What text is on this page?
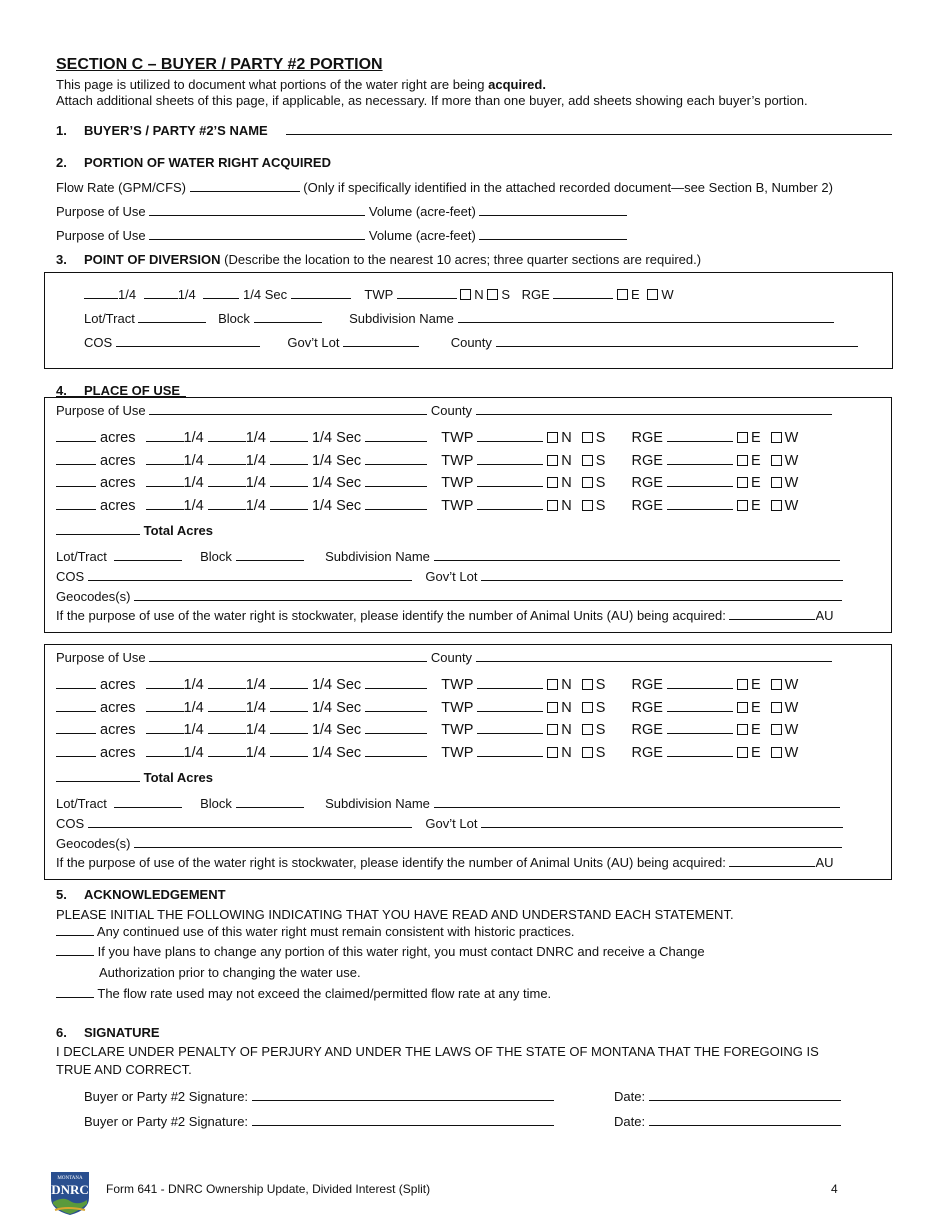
SECTION C – BUYER / PARTY #2 PORTION
This page is utilized to document what portions of the water right are being acquired.
Attach additional sheets of this page, if applicable, as necessary. If more than one buyer, add sheets showing each buyer’s portion.
1. BUYER’S / PARTY #2’S NAME
2. PORTION OF WATER RIGHT ACQUIRED
Flow Rate (GPM/CFS)	(Only if specifically identified in the attached recorded document—see Section B, Number 2)
Purpose of Use	Volume (acre-feet)
Purpose of Use	Volume (acre-feet)
3. POINT OF DIVERSION (Describe the location to the nearest 10 acres; three quarter sections are required.)
1/4	1/4	1/4 Sec	TWP	N S RGE	E W
Lot/Tract	Block	Subdivision Name
COS	Gov’t Lot	County
4. PLACE OF USE
Purpose of Use	County
acres	1/4	1/4	1/4 Sec	TWP	N S RGE	E W
acres	1/4	1/4	1/4 Sec	TWP	N S RGE	E W
acres	1/4	1/4	1/4 Sec	TWP	N S RGE	E W
acres	1/4	1/4	1/4 Sec	TWP	N S RGE	E W
Total Acres
Lot/Tract	Block	Subdivision Name
COS	Gov’t Lot
Geocodes(s)
If the purpose of use of the water right is stockwater, please identify the number of Animal Units (AU) being acquired:	AU
Purpose of Use	County
acres	1/4	1/4	1/4 Sec	TWP	N S RGE	E W
acres	1/4	1/4	1/4 Sec	TWP	N S RGE	E W
acres	1/4	1/4	1/4 Sec	TWP	N S RGE	E W
acres	1/4	1/4	1/4 Sec	TWP	N S RGE	E W
Total Acres
Lot/Tract	Block	Subdivision Name
COS	Gov’t Lot
Geocodes(s)
If the purpose of use of the water right is stockwater, please identify the number of Animal Units (AU) being acquired:	AU
5. ACKNOWLEDGEMENT
PLEASE INITIAL THE FOLLOWING INDICATING THAT YOU HAVE READ AND UNDERSTAND EACH STATEMENT.
Any continued use of this water right must remain consistent with historic practices.
If you have plans to change any portion of this water right, you must contact DNRC and receive a Change
Authorization prior to changing the water use.
The flow rate used may not exceed the claimed/permitted flow rate at any time.
6. SIGNATURE
I DECLARE UNDER PENALTY OF PERJURY AND UNDER THE LAWS OF THE STATE OF MONTANA THAT THE FOREGOING IS
TRUE AND CORRECT.
Buyer or Party #2 Signature:	Date:
Buyer or Party #2 Signature:	Date:
MONTANA
DNRC Form 641 - DNRC Ownership Update, Divided Interest (Split)	4
